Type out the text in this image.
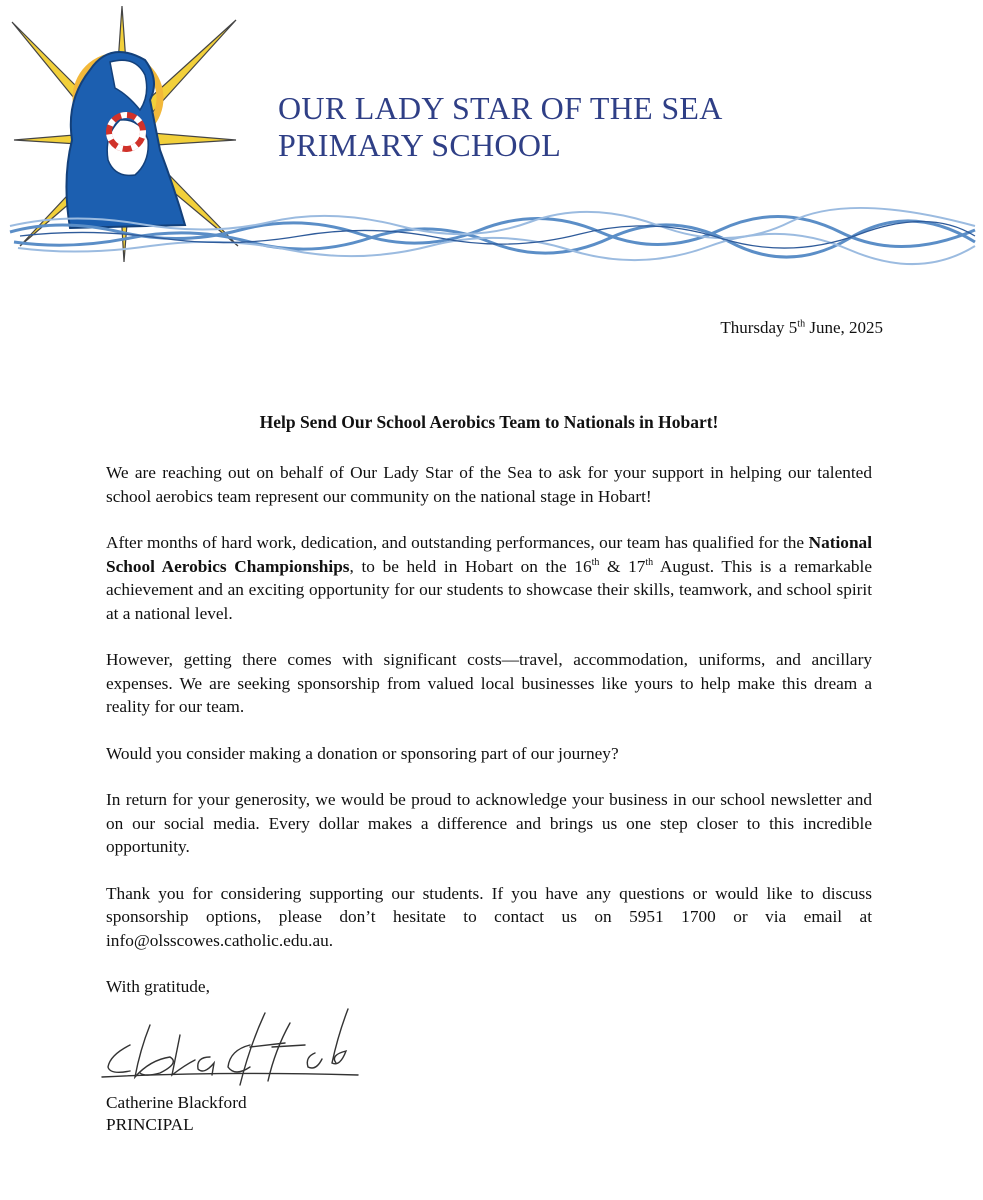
OUR LADY STAR OF THE SEA
PRIMARY SCHOOL
Thursday 5th June, 2025
Help Send Our School Aerobics Team to Nationals in Hobart!

We are reaching out on behalf of Our Lady Star of the Sea to ask for your support in helping our talented school aerobics team represent our community on the national stage in Hobart!

After months of hard work, dedication, and outstanding performances, our team has qualified for the National School Aerobics Championships, to be held in Hobart on the 16th & 17th August. This is a remarkable achievement and an exciting opportunity for our students to showcase their skills, teamwork, and school spirit at a national level.

However, getting there comes with significant costs—travel, accommodation, uniforms, and ancillary expenses. We are seeking sponsorship from valued local businesses like yours to help make this dream a reality for our team.

Would you consider making a donation or sponsoring part of our journey?

In return for your generosity, we would be proud to acknowledge your business in our school newsletter and on our social media. Every dollar makes a difference and brings us one step closer to this incredible opportunity.

Thank you for considering supporting our students. If you have any questions or would like to discuss sponsorship options, please don’t hesitate to contact us on 5951 1700 or via email at info@olsscowes.catholic.edu.au.

With gratitude,

Catherine Blackford
PRINCIPAL
